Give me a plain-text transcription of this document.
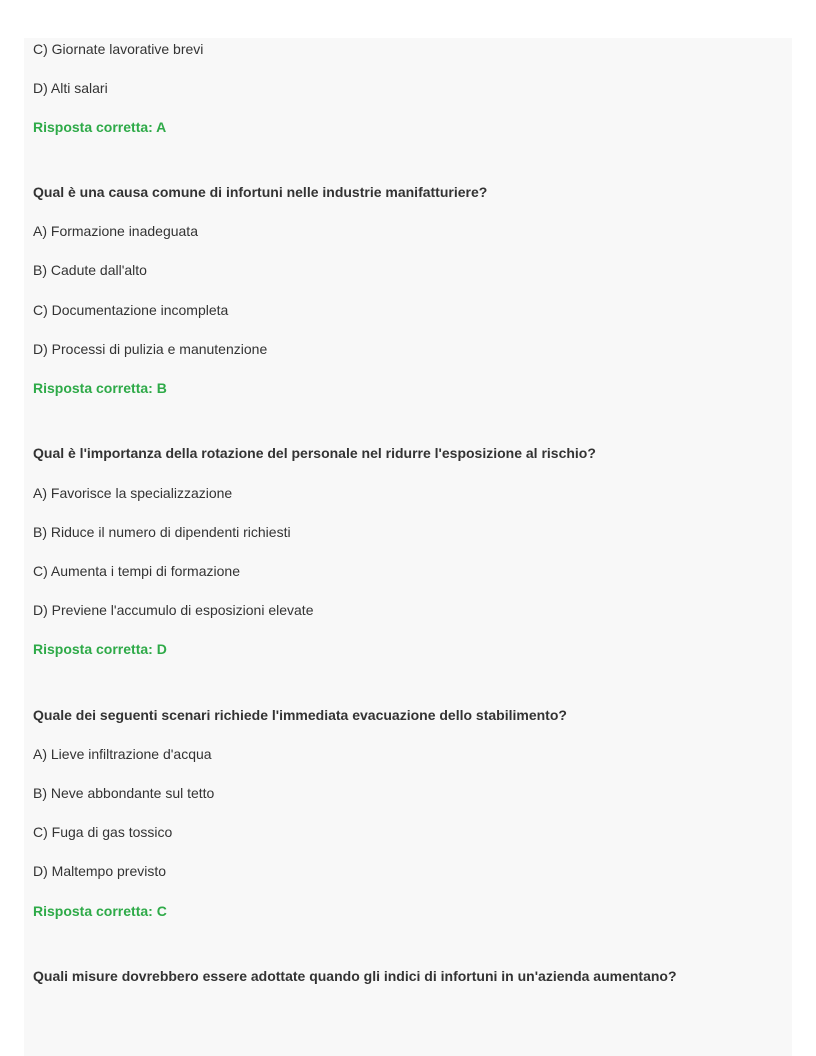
C) Giornate lavorative brevi
D) Alti salari
Risposta corretta: A
Qual è una causa comune di infortuni nelle industrie manifatturiere?
A) Formazione inadeguata
B) Cadute dall'alto
C) Documentazione incompleta
D) Processi di pulizia e manutenzione
Risposta corretta: B
Qual è l'importanza della rotazione del personale nel ridurre l'esposizione al rischio?
A) Favorisce la specializzazione
B) Riduce il numero di dipendenti richiesti
C) Aumenta i tempi di formazione
D) Previene l'accumulo di esposizioni elevate
Risposta corretta: D
Quale dei seguenti scenari richiede l'immediata evacuazione dello stabilimento?
A) Lieve infiltrazione d'acqua
B) Neve abbondante sul tetto
C) Fuga di gas tossico
D) Maltempo previsto
Risposta corretta: C
Quali misure dovrebbero essere adottate quando gli indici di infortuni in un'azienda aumentano?
